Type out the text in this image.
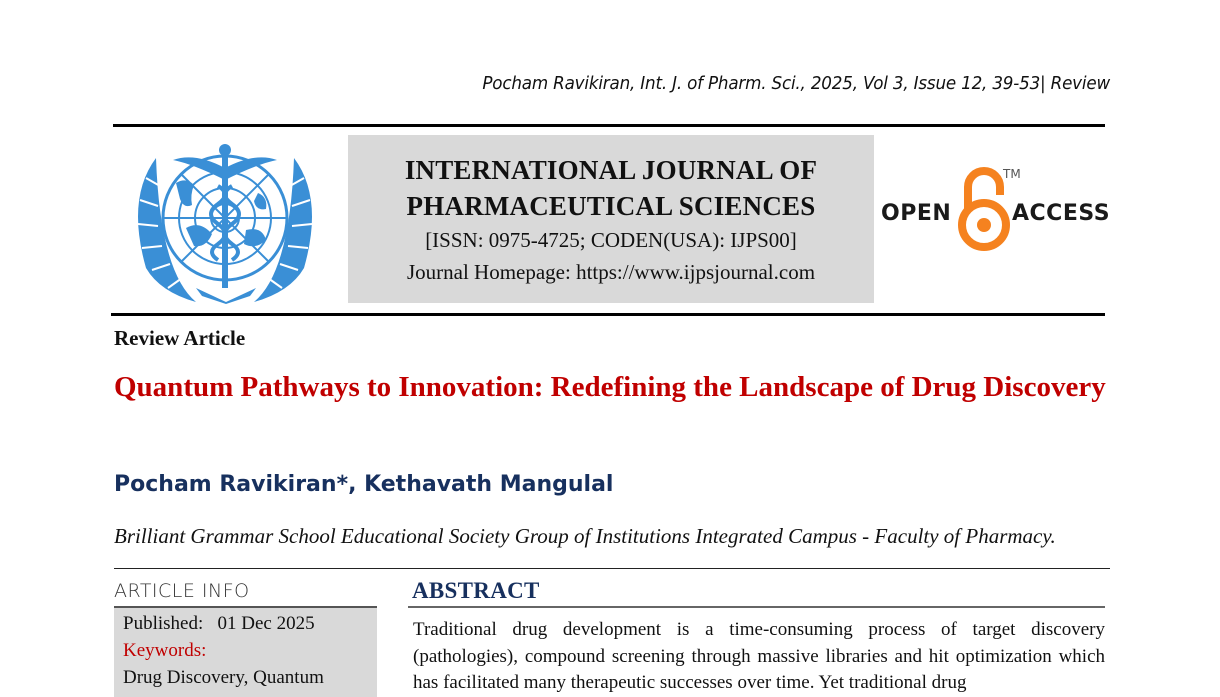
Pocham Ravikiran, Int. J. of Pharm. Sci., 2025, Vol 3, Issue 12, 39-53| Review
INTERNATIONAL JOURNAL OF
PHARMACEUTICAL SCIENCES
[ISSN: 0975-4725; CODEN(USA): IJPS00]
Journal Homepage: https://www.ijpsjournal.com
OPEN
TM
ACCESS
Review Article
Quantum Pathways to Innovation: Redefining the Landscape of Drug Discovery
Pocham Ravikiran*, Kethavath Mangulal
Brilliant Grammar School Educational Society Group of Institutions Integrated Campus - Faculty of Pharmacy.
ARTICLE INFO
Published: 01 Dec 2025
Keywords:
Drug Discovery, Quantum
ABSTRACT
Traditional drug development is a time-consuming process of target discovery (pathologies), compound screening through massive libraries and hit optimization which has facilitated many therapeutic successes over time. Yet traditional drug
